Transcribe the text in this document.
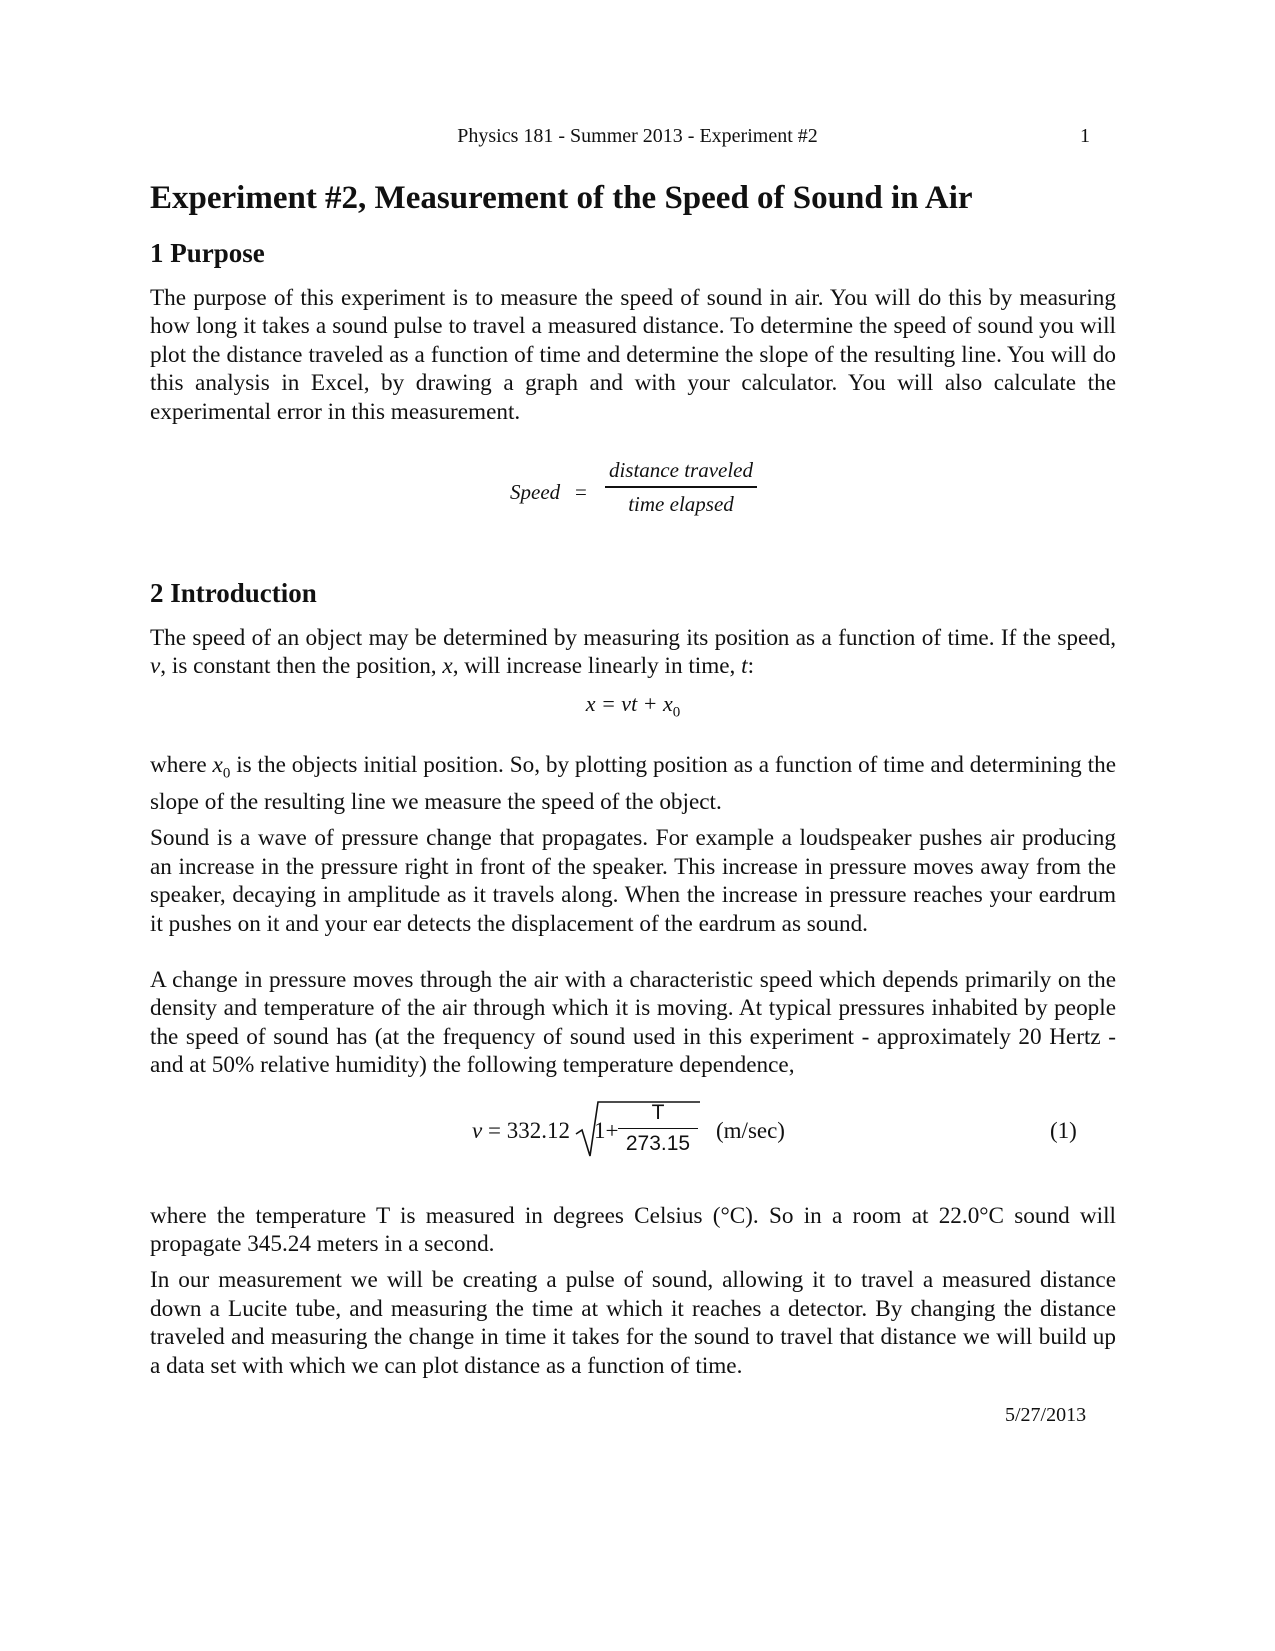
Physics 181 - Summer 2013 - Experiment #2	1
Experiment #2, Measurement of the Speed of Sound in Air
1 Purpose

The purpose of this experiment is to measure the speed of sound in air. You will do this by measuring how long it takes a sound pulse to travel a measured distance. To determine the speed of sound you will plot the distance traveled as a function of time and determine the slope of the resulting line. You will do this analysis in Excel, by drawing a graph and with your calculator. You will also calculate the experimental error in this measurement.

Speed =
distance traveled
time elapsed
2 Introduction

The speed of an object may be determined by measuring its position as a function of time. If the speed, v, is constant then the position, x, will increase linearly in time, t:

x = vt + $x_0$

where $x_0$ is the objects initial position. So, by plotting position as a function of time and determining the slope of the resulting line we measure the speed of the object.

Sound is a wave of pressure change that propagates. For example a loudspeaker pushes air producing an increase in the pressure right in front of the speaker. This increase in pressure moves away from the speaker, decaying in amplitude as it travels along. When the increase in pressure reaches your eardrum it pushes on it and your ear detects the displacement of the eardrum as sound.

A change in pressure moves through the air with a characteristic speed which depends primarily on the density and temperature of the air through which it is moving. At typical pressures inhabited by people the speed of sound has (at the frequency of sound used in this experiment - approximately 20 Hertz - and at 50% relative humidity) the following temperature dependence,

v = 332.12 1+
T
273.15
(m/sec)	(1)

where the temperature T is measured in degrees Celsius (°C). So in a room at 22.0°C sound will propagate 345.24 meters in a second.

In our measurement we will be creating a pulse of sound, allowing it to travel a measured distance down a Lucite tube, and measuring the time at which it reaches a detector. By changing the distance traveled and measuring the change in time it takes for the sound to travel that distance we will build up a data set with which we can plot distance as a function of time.

5/27/2013
